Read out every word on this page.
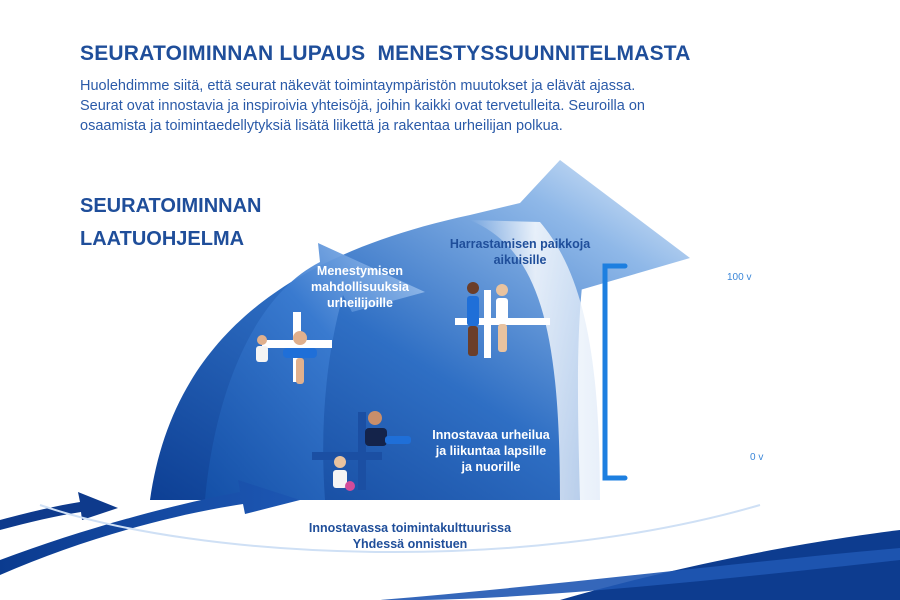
SEURATOIMINNAN LUPAUS  MENESTYSSUUNNITELMASTA
Huolehdimme siitä, että seurat näkevät toimintaympäristön muutokset ja elävät ajassa.
Seurat ovat innostavia ja inspiroivia yhteisöjä, joihin kaikki ovat tervetulleita. Seuroilla on
osaamista ja toimintaedellytyksiä lisätä liikettä ja rakentaa urheilijan polkua.
SEURATOIMINNAN
LAATUOHJELMA
Menestymisen
mahdollisuuksia
urheilijoille
Harrastamisen paikkoja
aikuisille
Innostavaa urheilua
ja liikuntaa lapsille
ja nuorille
100 v
0 v
Innostavassa toimintakulttuurissa
Yhdessä onnistuen
